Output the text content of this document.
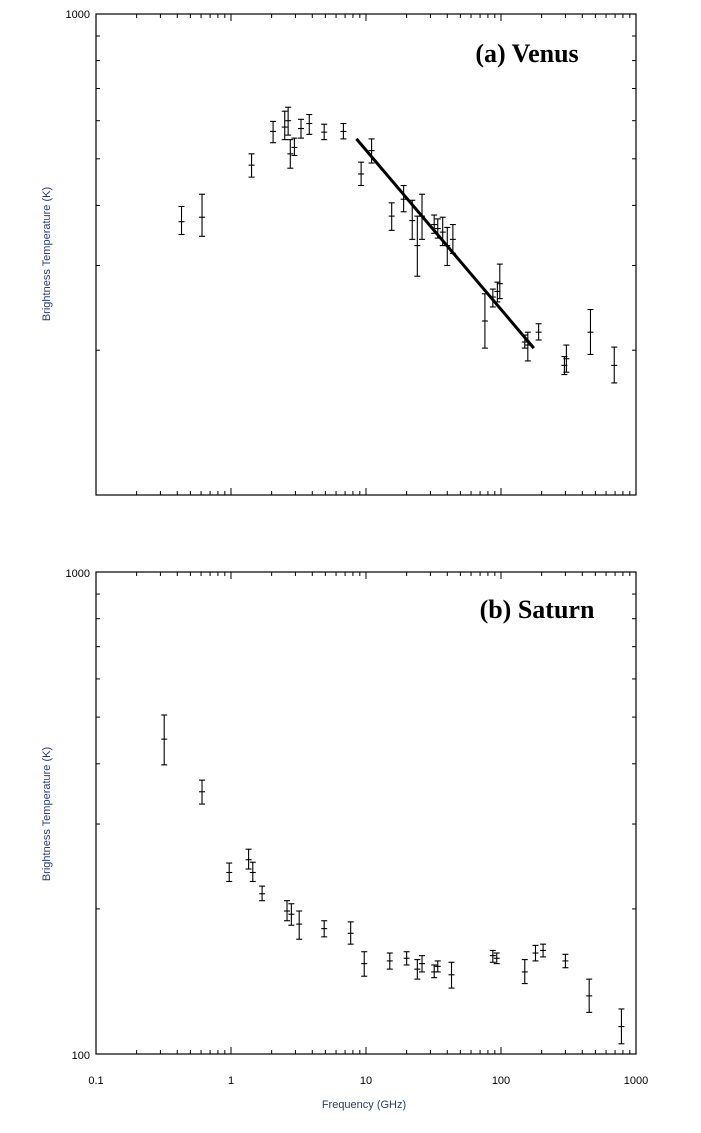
1000
(a) Venus
Brightness Temperature (K)
1000
100
(b) Saturn
Brightness Temperature (K)
Frequency (GHz)
0.1	1	10	100	1000
